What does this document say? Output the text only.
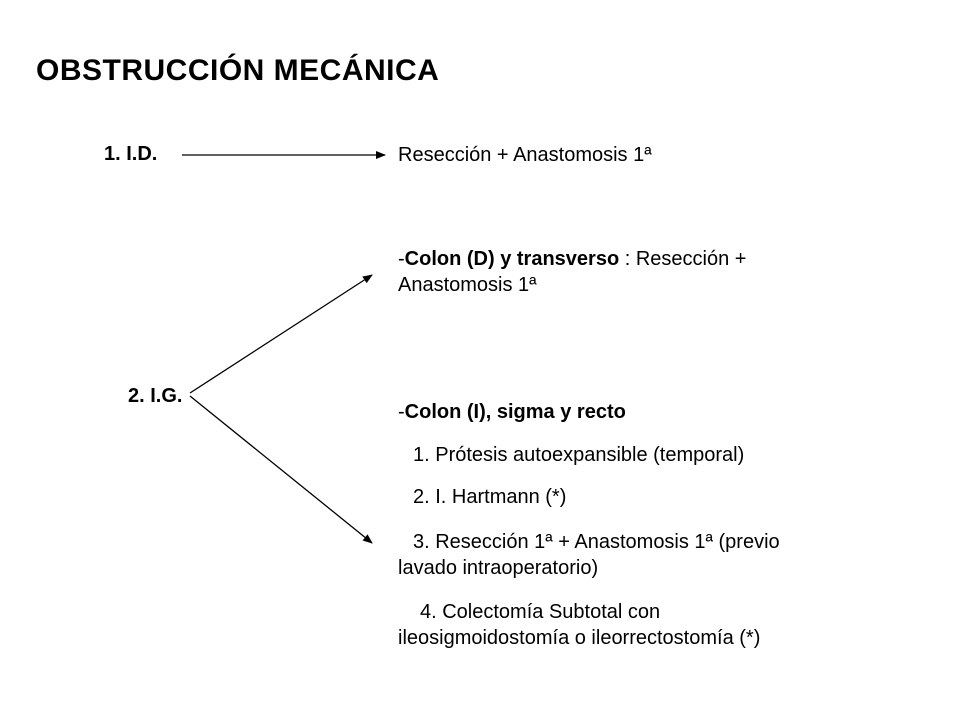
OBSTRUCCIÓN MECÁNICA
1. I.D.	Resección + Anastomosis 1ª
2. I.G.
-Colon (D) y transverso : Resección +
Anastomosis 1ª
-Colon (I), sigma y recto
1. Prótesis autoexpansible (temporal)
2. I. Hartmann (*)
3. Resección 1ª + Anastomosis 1ª (previo
lavado intraoperatorio)
4. Colectomía Subtotal con
ileosigmoidostomía o ileorrectostomía (*)
